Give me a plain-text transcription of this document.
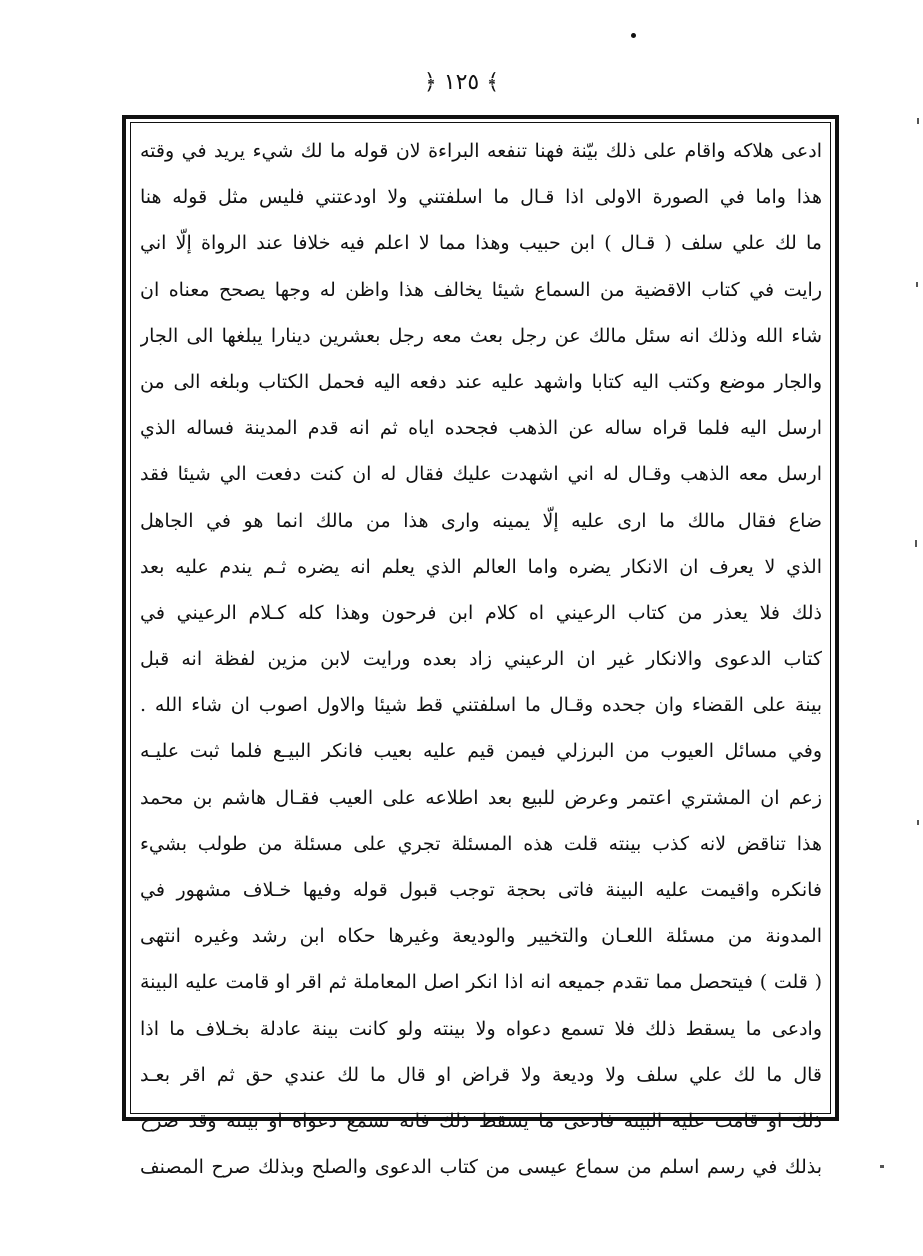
﴾ ١٢٥ ﴿
ادعى هلاكه واقام على ذلك بيّنة فهنا تنفعه البراءة لان قوله ما لك شيء يريد في وقته
هذا واما في الصورة الاولى اذا قـال ما اسلفتني ولا اودعتني فليس مثل قوله هنا
ما لك علي سلف ( قـال ) ابن حبيب وهذا مما لا اعلم فيه خلافا عند الرواة إلّا اني
رايت في كتاب الاقضية من السماع شيئا يخالف هذا واظن له وجها يصحح معناه ان
شاء الله وذلك انه سئل مالك عن رجل بعث معه رجل بعشرين دينارا يبلغها الى الجار
والجار موضع وكتب اليه كتابا واشهد عليه عند دفعه اليه فحمل الكتاب وبلغه الى من
ارسل اليه فلما قراه ساله عن الذهب فجحده اياه ثم انه قدم المدينة فساله الذي
ارسل معه الذهب وقـال له اني اشهدت عليك فقال له ان كنت دفعت الي شيئا فقد
ضاع فقال مالك ما ارى عليه إلّا يمينه وارى هذا من مالك انما هو في الجاهل
الذي لا يعرف ان الانكار يضره واما العالم الذي يعلم انه يضره ثـم يندم عليه بعد
ذلك فلا يعذر من كتاب الرعيني اه كلام ابن فرحون وهذا كله كـلام الرعيني في
كتاب الدعوى والانكار غير ان الرعيني زاد بعده ورايت لابن مزين لفظة انه قبل
بينة على القضاء وان جحده وقـال ما اسلفتني قط شيئا والاول اصوب ان شاء الله .
وفي مسائل العيوب من البرزلي فيمن قيم عليه بعيب فانكر البيـع فلما ثبت عليـه
زعم ان المشتري اعتمر وعرض للبيع بعد اطلاعه على العيب فقـال هاشم بن محمد
هذا تناقض لانه كذب بينته قلت هذه المسئلة تجري على مسئلة من طولب بشيء
فانكره واقيمت عليه البينة فاتى بحجة توجب قبول قوله وفيها خـلاف مشهور في
المدونة من مسئلة اللعـان والتخيير والوديعة وغيرها حكاه ابن رشد وغيره انتهى
( قلت ) فيتحصل مما تقدم جميعه انه اذا انكر اصل المعاملة ثم اقر او قامت عليه البينة
وادعى ما يسقط ذلك فلا تسمع دعواه ولا بينته ولو كانت بينة عادلة بخـلاف ما اذا
قال ما لك علي سلف ولا وديعة ولا قراض او قال ما لك عندي حق ثم اقر بعـد
ذلك او قامت عليه البينة فادعى ما يسقط ذلك فانه تسمع دعواه او بينته وقد صرح
بذلك في رسم اسلم من سماع عيسى من كتاب الدعوى والصلح وبذلك صرح المصنف
